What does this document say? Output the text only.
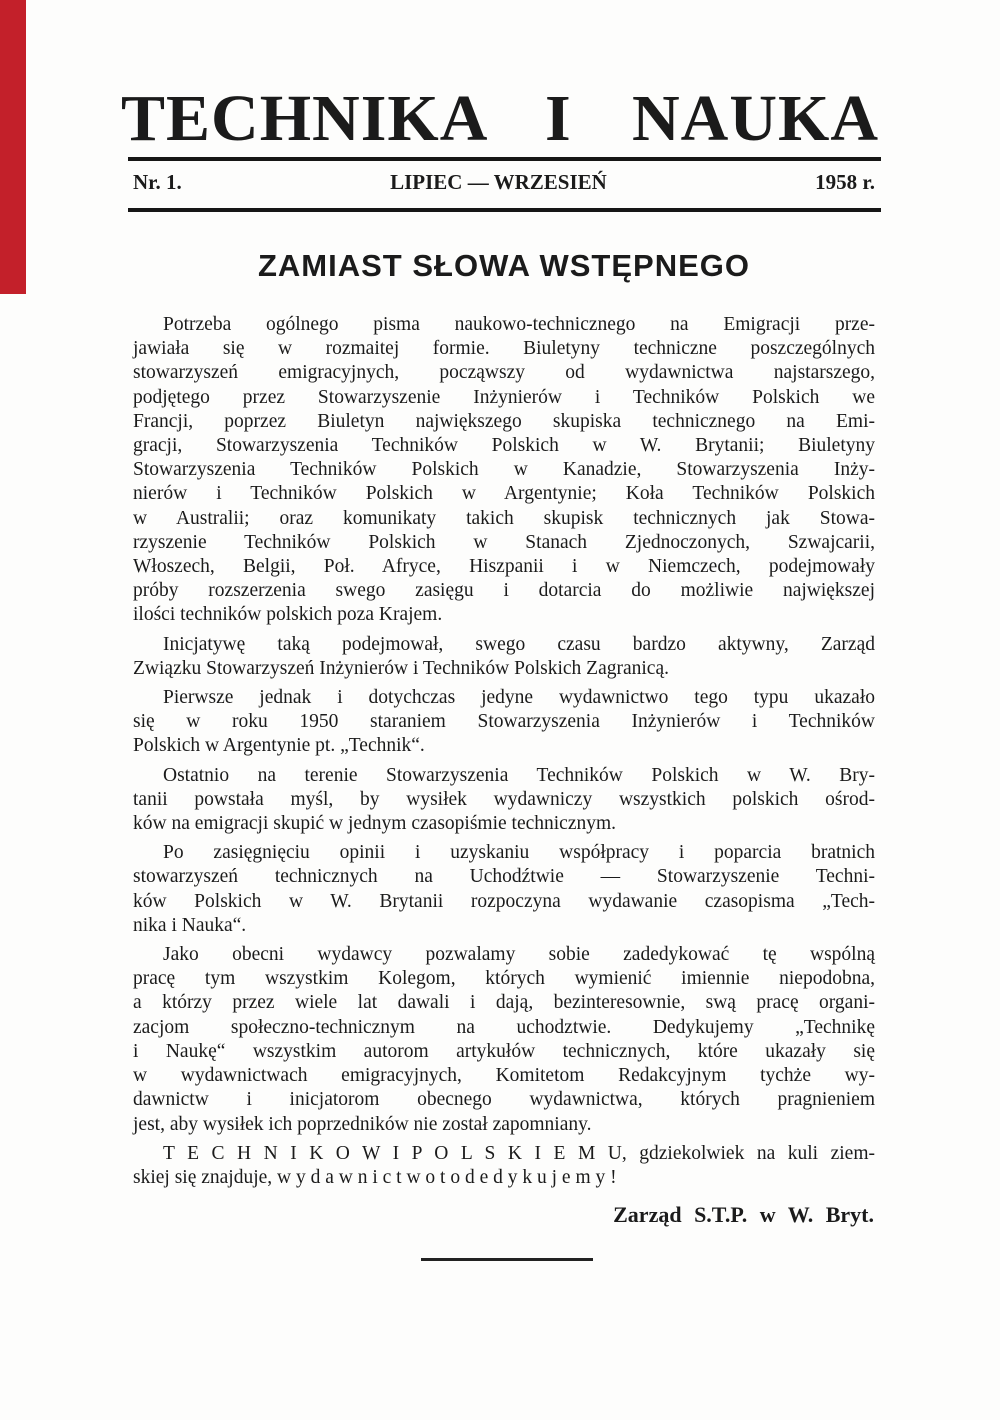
TECHNIKA I NAUKA
Nr. 1.	LIPIEC — WRZESIEŃ	1958 r.
ZAMIAST SŁOWA WSTĘPNEGO
Potrzeba ogólnego pisma naukowo-technicznego na Emigracji prze-
jawiała się w rozmaitej formie. Biuletyny techniczne poszczególnych
stowarzyszeń emigracyjnych, począwszy od wydawnictwa najstarszego,
podjętego przez Stowarzyszenie Inżynierów i Techników Polskich we
Francji, poprzez Biuletyn największego skupiska technicznego na Emi-
gracji, Stowarzyszenia Techników Polskich w W. Brytanii; Biuletyny
Stowarzyszenia Techników Polskich w Kanadzie, Stowarzyszenia Inży-
nierów i Techników Polskich w Argentynie; Koła Techników Polskich
w Australii; oraz komunikaty takich skupisk technicznych jak Stowa-
rzyszenie Techników Polskich w Stanach Zjednoczonych, Szwajcarii,
Włoszech, Belgii, Poł. Afryce, Hiszpanii i w Niemczech, podejmowały
próby rozszerzenia swego zasięgu i dotarcia do możliwie największej
ilości techników polskich poza Krajem.
Inicjatywę taką podejmował, swego czasu bardzo aktywny, Zarząd
Związku Stowarzyszeń Inżynierów i Techników Polskich Zagranicą.
Pierwsze jednak i dotychczas jedyne wydawnictwo tego typu ukazało
się w roku 1950 staraniem Stowarzyszenia Inżynierów i Techników
Polskich w Argentynie pt. „Technik“.
Ostatnio na terenie Stowarzyszenia Techników Polskich w W. Bry-
tanii powstała myśl, by wysiłek wydawniczy wszystkich polskich ośrod-
ków na emigracji skupić w jednym czasopiśmie technicznym.
Po zasięgnięciu opinii i uzyskaniu współpracy i poparcia bratnich
stowarzyszeń technicznych na Uchodźtwie — Stowarzyszenie Techni-
ków Polskich w W. Brytanii rozpoczyna wydawanie czasopisma „Tech-
nika i Nauka“.
Jako obecni wydawcy pozwalamy sobie zadedykować tę wspólną
pracę tym wszystkim Kolegom, których wymienić imiennie niepodobna,
a którzy przez wiele lat dawali i dają, bezinteresownie, swą pracę organi-
zacjom społeczno-technicznym na uchodztwie. Dedykujemy „Technikę
i Naukę“ wszystkim autorom artykułów technicznych, które ukazały się
w wydawnictwach emigracyjnych, Komitetom Redakcyjnym tychże wy-
dawnictw i inicjatorom obecnego wydawnictwa, których pragnieniem
jest, aby wysiłek ich poprzedników nie został zapomniany.
T E C H N I K O W I P O L S K I E M U, gdziekolwiek na kuli ziem-
skiej się znajduje, w y d a w n i c t w o t o d e d y k u j e m y !

Zarząd S.T.P. w W. Bryt.
